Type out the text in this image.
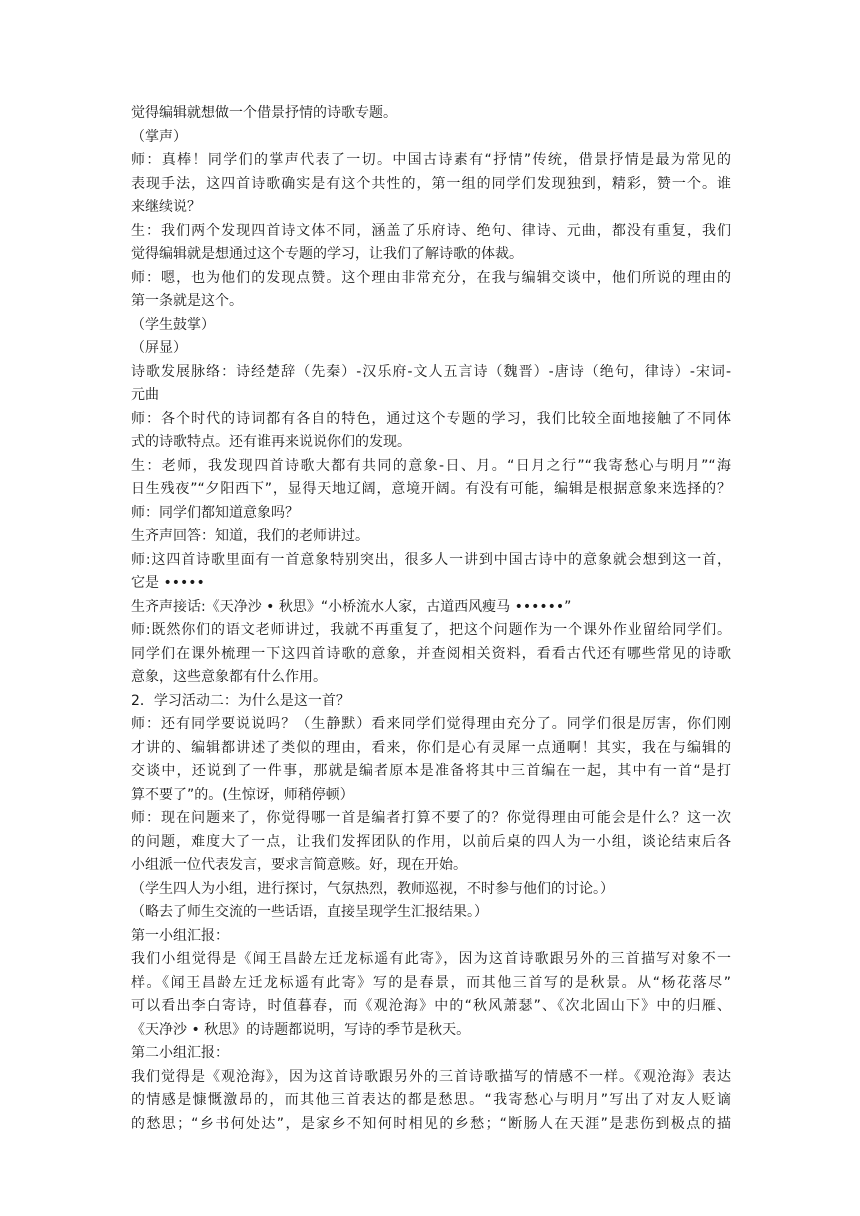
觉得编辑就想做一个借景抒情的诗歌专题。
（掌声）
师：真棒！同学们的掌声代表了一切。中国古诗素有“抒情”传统，借景抒情是最为常见的
表现手法，这四首诗歌确实是有这个共性的，第一组的同学们发现独到，精彩，赞一个。谁
来继续说？
生：我们两个发现四首诗文体不同，涵盖了乐府诗、绝句、律诗、元曲，都没有重复，我们
觉得编辑就是想通过这个专题的学习，让我们了解诗歌的体裁。
师：嗯，也为他们的发现点赞。这个理由非常充分，在我与编辑交谈中，他们所说的理由的
第一条就是这个。
（学生鼓掌）
（屏显）
诗歌发展脉络：诗经楚辞（先秦）-汉乐府-文人五言诗（魏晋）-唐诗（绝句，律诗）-宋词-
元曲
师：各个时代的诗词都有各自的特色，通过这个专题的学习，我们比较全面地接触了不同体
式的诗歌特点。还有谁再来说说你们的发现。
生：老师，我发现四首诗歌大都有共同的意象-日、月。“日月之行”“我寄愁心与明月”“海
日生残夜”“夕阳西下”，显得天地辽阔，意境开阔。有没有可能，编辑是根据意象来选择的？
师：同学们都知道意象吗？
生齐声回答：知道，我们的老师讲过。
师:这四首诗歌里面有一首意象特别突出，很多人一讲到中国古诗中的意象就会想到这一首，
它是 •••••
生齐声接话:《天净沙 • 秋思》“小桥流水人家，古道西风瘦马 ••••••”
师:既然你们的语文老师讲过，我就不再重复了，把这个问题作为一个课外作业留给同学们。
同学们在课外梳理一下这四首诗歌的意象，并查阅相关资料，看看古代还有哪些常见的诗歌
意象，这些意象都有什么作用。
2．学习活动二：为什么是这一首？
师：还有同学要说说吗？（生静默）看来同学们觉得理由充分了。同学们很是厉害，你们刚
才讲的、编辑都讲述了类似的理由，看来，你们是心有灵犀一点通啊！其实，我在与编辑的
交谈中，还说到了一件事，那就是编者原本是准备将其中三首编在一起，其中有一首“是打
算不要了”的。(生惊讶，师稍停顿）
师：现在问题来了，你觉得哪一首是编者打算不要了的？你觉得理由可能会是什么？这一次
的问题，难度大了一点，让我们发挥团队的作用，以前后桌的四人为一小组，谈论结束后各
小组派一位代表发言，要求言简意赅。好，现在开始。
（学生四人为小组，进行探讨，气氛热烈，教师巡视，不时参与他们的讨论。）
（略去了师生交流的一些话语，直接呈现学生汇报结果。）
第一小组汇报：
我们小组觉得是《闻王昌龄左迁龙标遥有此寄》，因为这首诗歌跟另外的三首描写对象不一
样。《闻王昌龄左迁龙标遥有此寄》写的是春景，而其他三首写的是秋景。从“杨花落尽”
可以看出李白寄诗，时值暮春，而《观沧海》中的“秋风萧瑟”、《次北固山下》中的归雁、
《天净沙 • 秋思》的诗题都说明，写诗的季节是秋天。
第二小组汇报：
我们觉得是《观沧海》，因为这首诗歌跟另外的三首诗歌描写的情感不一样。《观沧海》表达
的情感是慷慨激昂的，而其他三首表达的都是愁思。“我寄愁心与明月”写出了对友人贬谪
的愁思；“乡书何处达”，是家乡不知何时相见的乡愁；“断肠人在天涯”是悲伤到极点的描
